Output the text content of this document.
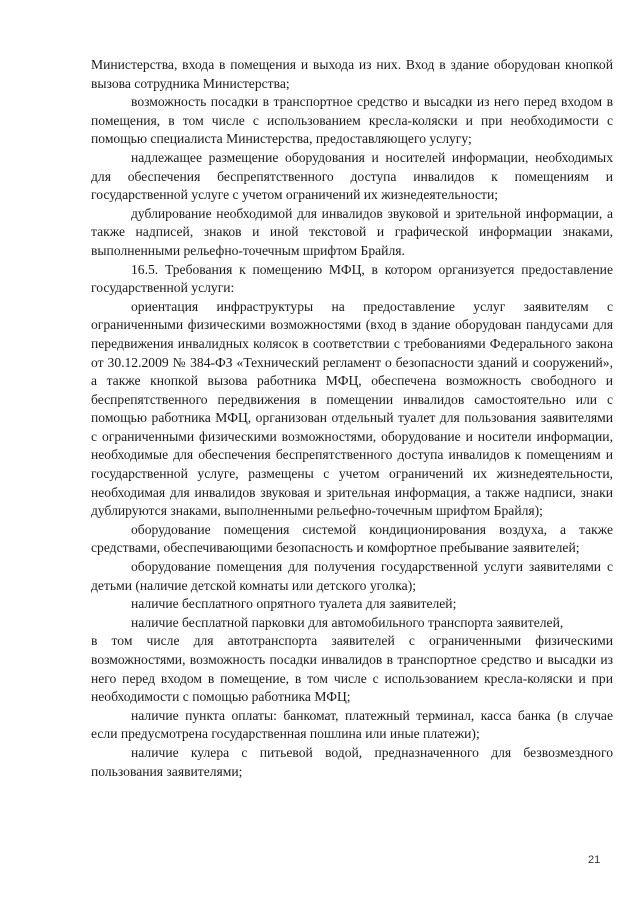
Министерства, входа в помещения и выхода из них. Вход в здание оборудован кнопкой вызова сотрудника Министерства;

возможность посадки в транспортное средство и высадки из него перед входом в помещения, в том числе с использованием кресла-коляски и при необходимости с помощью специалиста Министерства, предоставляющего услугу;

надлежащее размещение оборудования и носителей информации, необходимых для обеспечения беспрепятственного доступа инвалидов к помещениям и государственной услуге с учетом ограничений их жизнедеятельности;

дублирование необходимой для инвалидов звуковой и зрительной информации, а также надписей, знаков и иной текстовой и графической информации знаками, выполненными рельефно-точечным шрифтом Брайля.

16.5. Требования к помещению МФЦ, в котором организуется предоставление государственной услуги:

ориентация инфраструктуры на предоставление услуг заявителям с ограниченными физическими возможностями (вход в здание оборудован пандусами для передвижения инвалидных колясок в соответствии с требованиями Федерального закона от 30.12.2009 № 384-ФЗ «Технический регламент о безопасности зданий и сооружений», а также кнопкой вызова работника МФЦ, обеспечена возможность свободного и беспрепятственного передвижения в помещении инвалидов самостоятельно или с помощью работника МФЦ, организован отдельный туалет для пользования заявителями с ограниченными физическими возможностями, оборудование и носители информации, необходимые для обеспечения беспрепятственного доступа инвалидов к помещениям и государственной услуге, размещены с учетом ограничений их жизнедеятельности, необходимая для инвалидов звуковая и зрительная информация, а также надписи, знаки дублируются знаками, выполненными рельефно-точечным шрифтом Брайля);

оборудование помещения системой кондиционирования воздуха, а также средствами, обеспечивающими безопасность и комфортное пребывание заявителей;

оборудование помещения для получения государственной услуги заявителями с детьми (наличие детской комнаты или детского уголка);

наличие бесплатного опрятного туалета для заявителей;

наличие бесплатной парковки для автомобильного транспорта заявителей,

в том числе для автотранспорта заявителей с ограниченными физическими возможностями, возможность посадки инвалидов в транспортное средство и высадки из него перед входом в помещение, в том числе с использованием кресла-коляски и при необходимости с помощью работника МФЦ;

наличие пункта оплаты: банкомат, платежный терминал, касса банка (в случае если предусмотрена государственная пошлина или иные платежи);

наличие кулера с питьевой водой, предназначенного для безвозмездного пользования заявителями;

21
